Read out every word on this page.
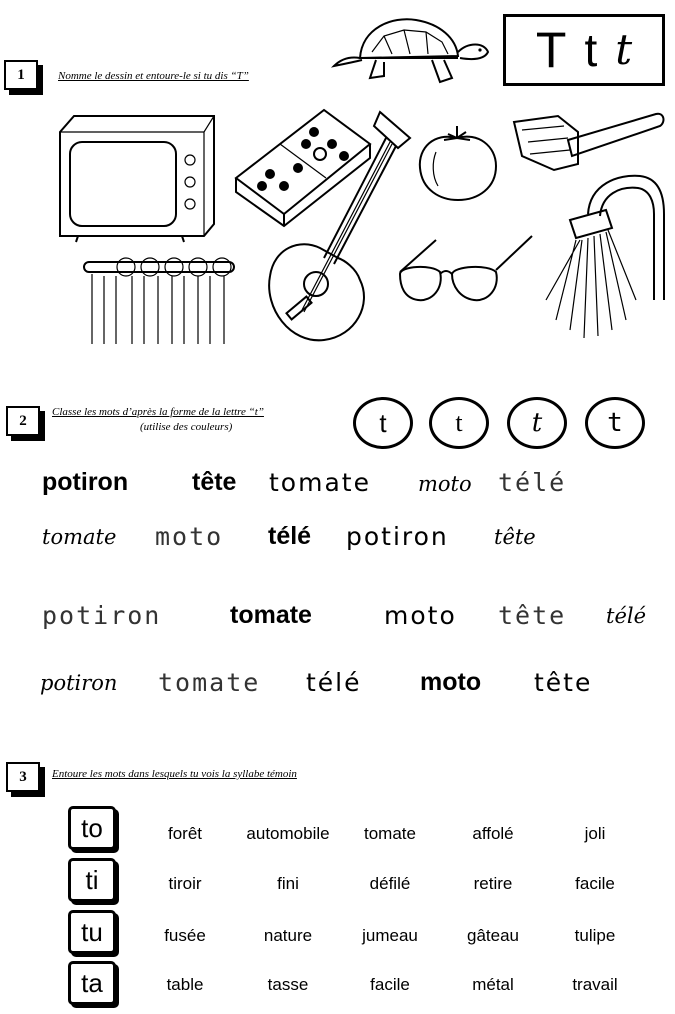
1	Nomme le dessin et entoure-le si tu dis “T”	T t t
2
Classe les mots d’après la forme de la lettre “t”
(utilise des couleurs)	t	t	t	t
potiron	tête tomate moto télé
tomate moto télé potiron tête
potiron	tomate	moto tête télé
potiron tomate télé moto tête
3	Entoure les mots dans lesquels tu vois la syllabe témoin
to	forêt	automobile	tomate	affolé	joli
ti	tiroir	fini	défilé	retire	facile
tu	fusée	nature	jumeau	gâteau	tulipe
ta	table	tasse	facile	métal	travail
